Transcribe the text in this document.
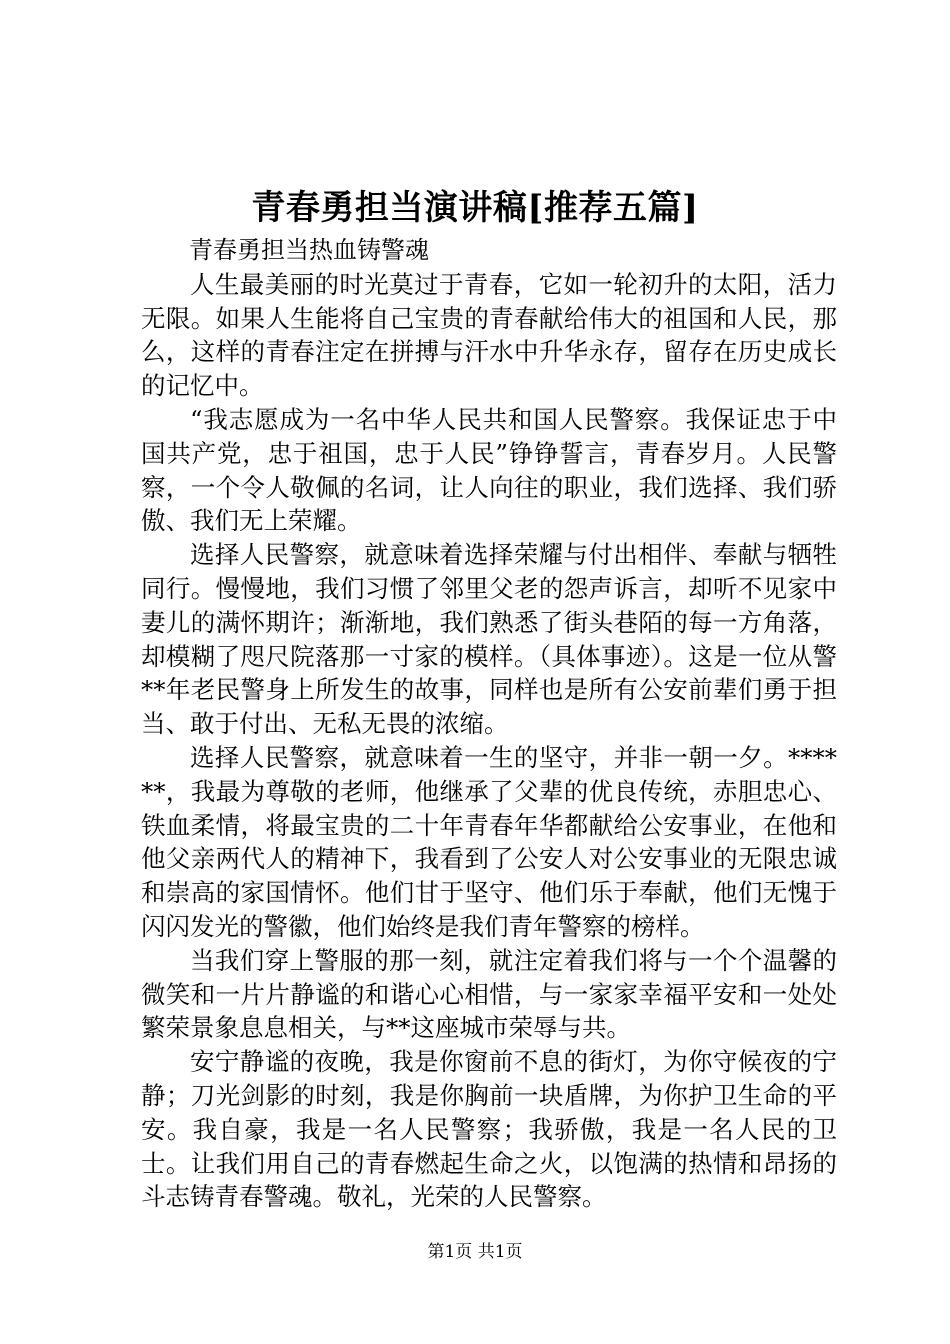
青春勇担当演讲稿[推荐五篇]

青春勇担当热血铸警魂

人生最美丽的时光莫过于青春，它如一轮初升的太阳，活力无限。如果人生能将自己宝贵的青春献给伟大的祖国和人民，那么，这样的青春注定在拼搏与汗水中升华永存，留存在历史成长的记忆中。

“我志愿成为一名中华人民共和国人民警察。我保证忠于中国共产党，忠于祖国，忠于人民”铮铮誓言，青春岁月。人民警察，一个令人敬佩的名词，让人向往的职业，我们选择、我们骄傲、我们无上荣耀。

选择人民警察，就意味着选择荣耀与付出相伴、奉献与牺牲同行。慢慢地，我们习惯了邻里父老的怨声诉言，却听不见家中妻儿的满怀期许；渐渐地，我们熟悉了街头巷陌的每一方角落，却模糊了咫尺院落那一寸家的模样。（具体事迹）。这是一位从警**年老民警身上所发生的故事，同样也是所有公安前辈们勇于担当、敢于付出、无私无畏的浓缩。

选择人民警察，就意味着一生的坚守，并非一朝一夕。******，我最为尊敬的老师，他继承了父辈的优良传统，赤胆忠心、铁血柔情，将最宝贵的二十年青春年华都献给公安事业，在他和他父亲两代人的精神下，我看到了公安人对公安事业的无限忠诚和崇高的家国情怀。他们甘于坚守、他们乐于奉献，他们无愧于闪闪发光的警徽，他们始终是我们青年警察的榜样。

当我们穿上警服的那一刻，就注定着我们将与一个个温馨的微笑和一片片静谧的和谐心心相惜，与一家家幸福平安和一处处繁荣景象息息相关，与**这座城市荣辱与共。

安宁静谧的夜晚，我是你窗前不息的街灯，为你守候夜的宁静；刀光剑影的时刻，我是你胸前一块盾牌，为你护卫生命的平安。我自豪，我是一名人民警察；我骄傲，我是一名人民的卫士。让我们用自己的青春燃起生命之火，以饱满的热情和昂扬的斗志铸青春警魂。敬礼，光荣的人民警察。

第1页 共1页
